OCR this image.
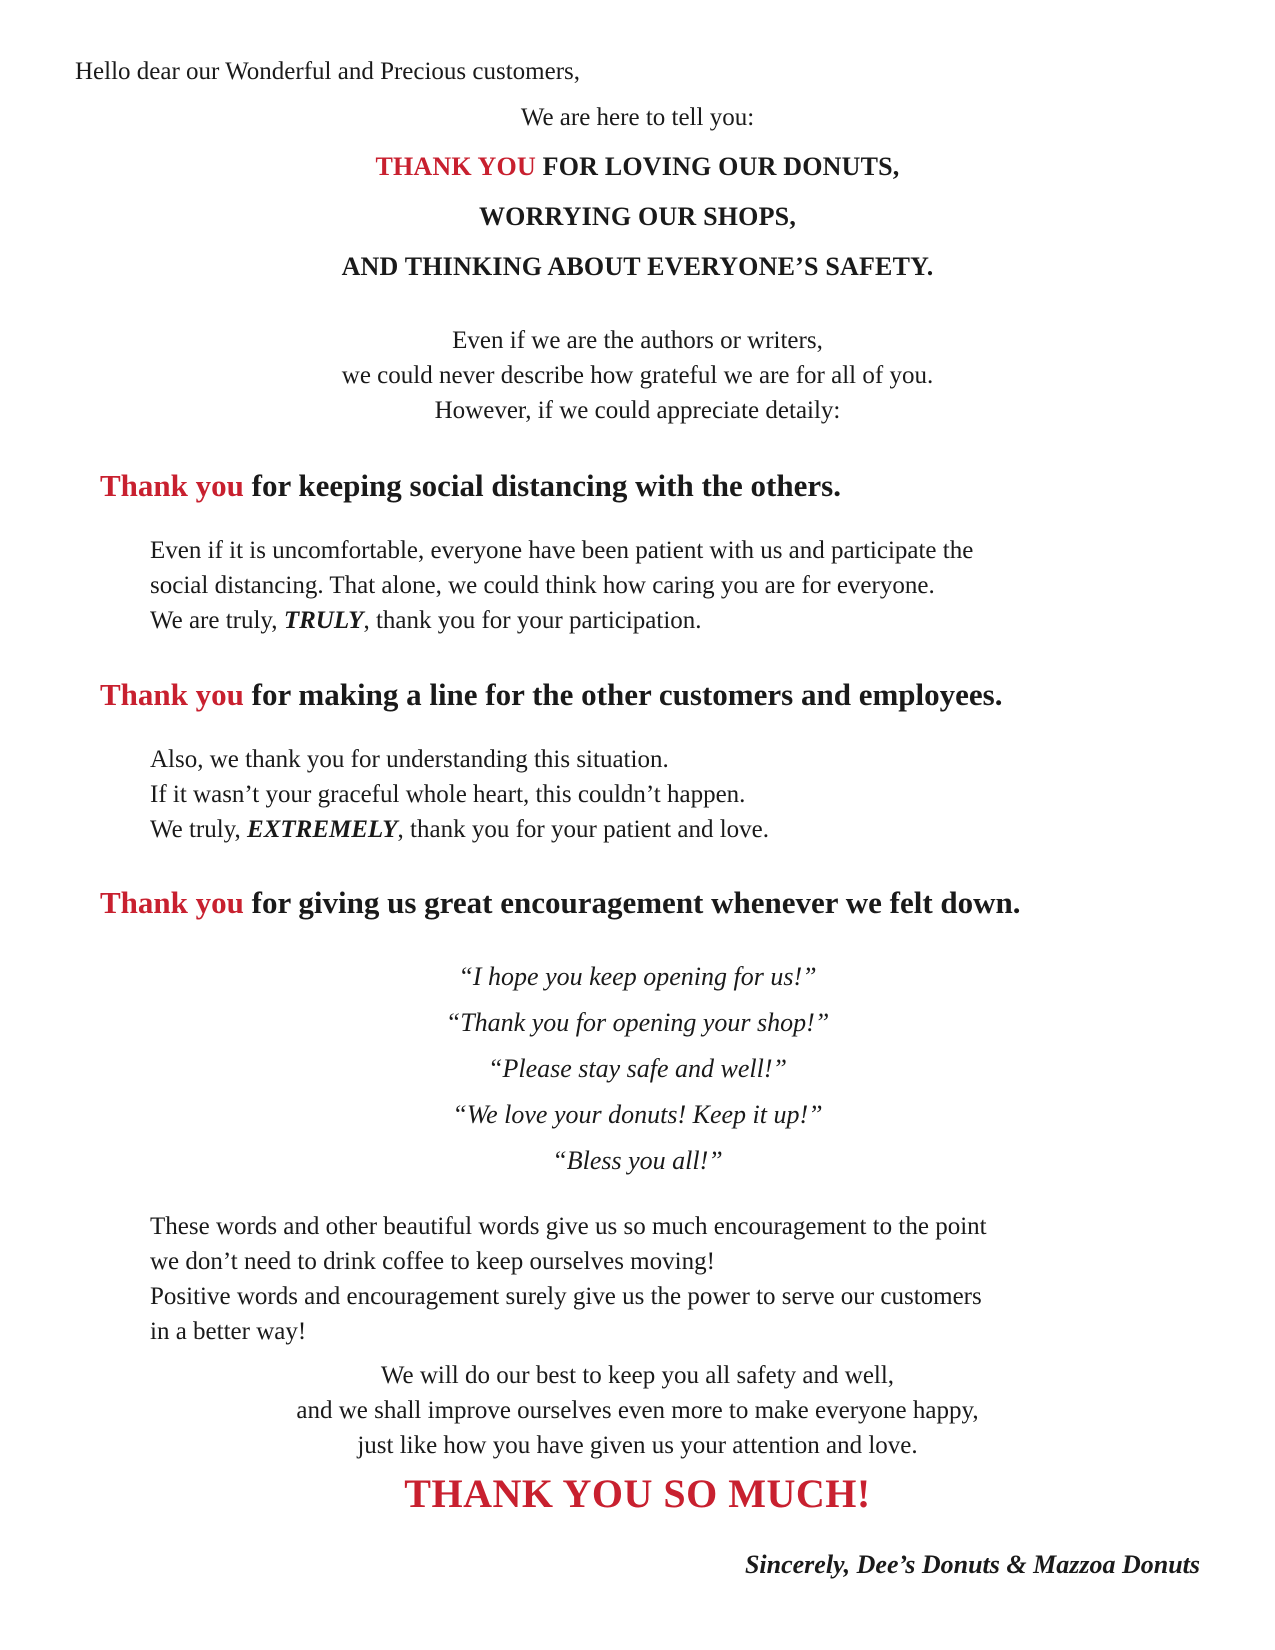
Hello dear our Wonderful and Precious customers,
We are here to tell you:
THANK YOU FOR LOVING OUR DONUTS,
WORRYING OUR SHOPS,
AND THINKING ABOUT EVERYONE’S SAFETY.
Even if we are the authors or writers,
we could never describe how grateful we are for all of you.
However, if we could appreciate detaily:
Thank you for keeping social distancing with the others.
Even if it is uncomfortable, everyone have been patient with us and participate the
social distancing. That alone, we could think how caring you are for everyone.
We are truly, TRULY, thank you for your participation.
Thank you for making a line for the other customers and employees.
Also, we thank you for understanding this situation.
If it wasn’t your graceful whole heart, this couldn’t happen.
We truly, EXTREMELY, thank you for your patient and love.
Thank you for giving us great encouragement whenever we felt down.
“I hope you keep opening for us!”
“Thank you for opening your shop!”
“Please stay safe and well!”
“We love your donuts! Keep it up!”
“Bless you all!”
These words and other beautiful words give us so much encouragement to the point
we don’t need to drink coffee to keep ourselves moving!
Positive words and encouragement surely give us the power to serve our customers
in a better way!
We will do our best to keep you all safety and well,
and we shall improve ourselves even more to make everyone happy,
just like how you have given us your attention and love.
THANK YOU SO MUCH!
Sincerely, Dee’s Donuts & Mazzoa Donuts
